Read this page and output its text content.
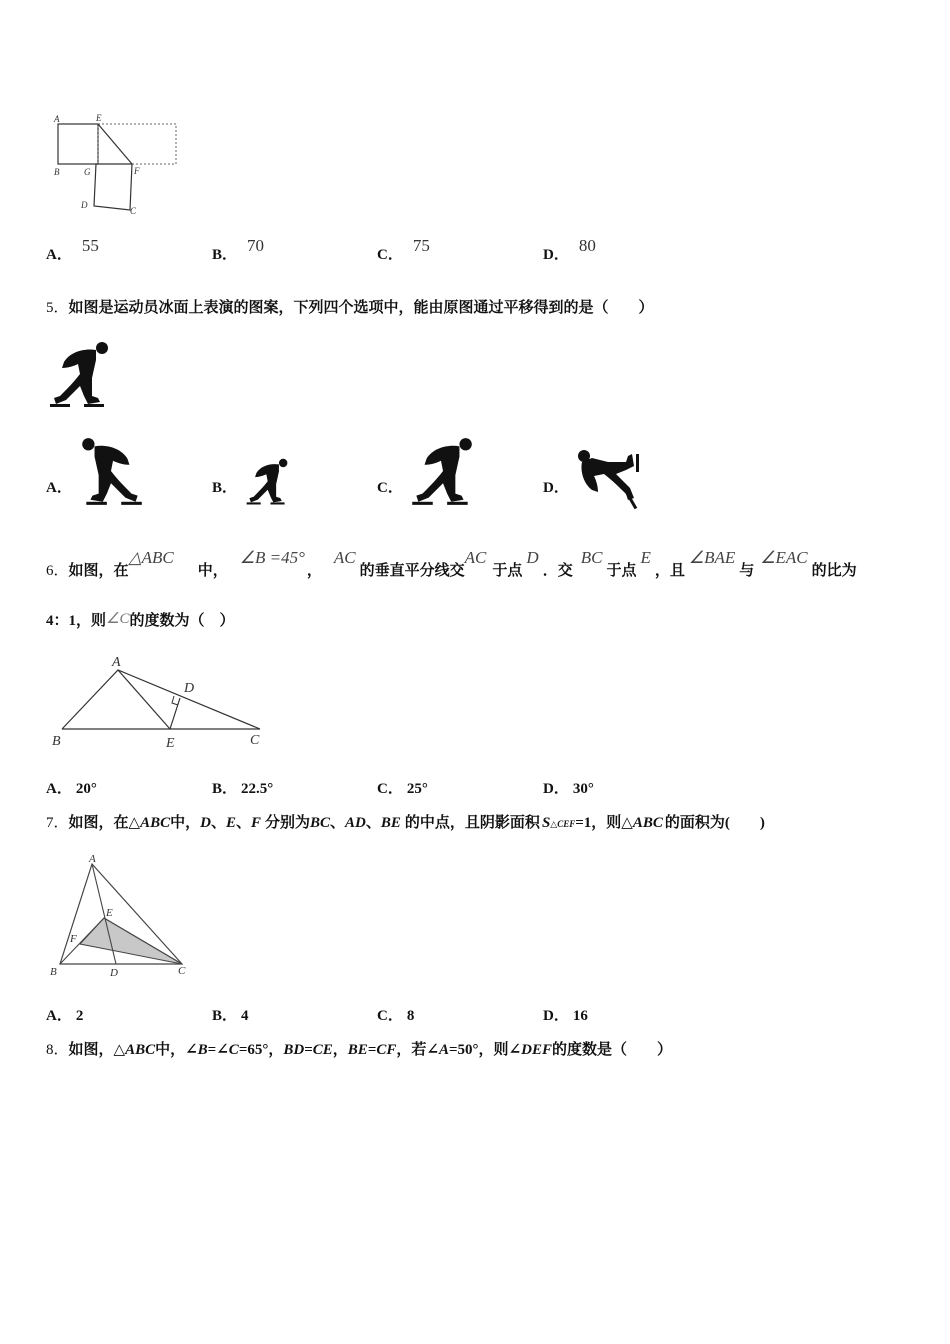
A	E
B	G	F
D
C
A． 55	B． 70	C． 75	D． 80
5．如图是运动员冰面上表演的图案，下列四个选项中，能由原图通过平移得到的是（　　）
A．	B．	C．	D．
6．如图，在△ABC中，∠B =45°，AC的垂直平分线交AC于点D．交BC于点E，且∠BAE与∠EAC的比为
4：1，则∠C的度数为（　）
A
D
B	E	C
A． 20°	B． 22.5°	C． 25°	D． 30°
7．如图，在△ABC中，D、E、F 分别为BC、AD、BE 的中点，且阴影面积 S△CEF=1，则△ABC 的面积为(　　)
A
E
F
B	D	C
A． 2	B． 4	C． 8	D． 16
8．如图，△ABC中，∠B=∠C=65°，BD=CE，BE=CF，若∠A=50°，则∠DEF的度数是（　　）
